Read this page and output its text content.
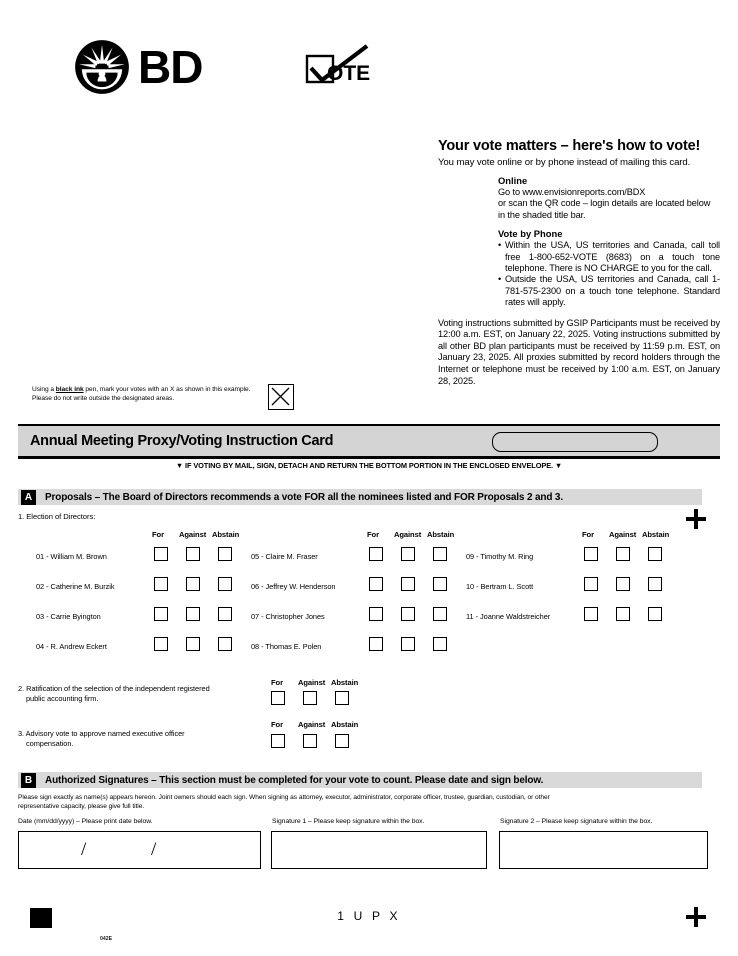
BD	OTE
Your vote matters – here's how to vote!
You may vote online or by phone instead of mailing this card.
Online
Go to www.envisionreports.com/BDX
or scan the QR code – login details are located below
in the shaded title bar.
Vote by Phone
• Within the USA, US territories and Canada, call toll free 1-800-652-VOTE (8683) on a touch tone telephone. There is NO CHARGE to you for the call.
• Outside the USA, US territories and Canada, call 1-781-575-2300 on a touch tone telephone. Standard rates will apply.
Voting instructions submitted by GSIP Participants must be received by 12:00 a.m. EST, on January 22, 2025. Voting instructions submitted by all other BD plan participants must be received by 11:59 p.m. EST, on January 23, 2025. All proxies submitted by record holders through the Internet or telephone must be received by 1:00 a.m. EST, on January 28, 2025.
Using a black ink pen, mark your votes with an X as shown in this example.
Please do not write outside the designated areas.
Annual Meeting Proxy/Voting Instruction Card
▼ IF VOTING BY MAIL, SIGN, DETACH AND RETURN THE BOTTOM PORTION IN THE ENCLOSED ENVELOPE. ▼
A	Proposals – The Board of Directors recommends a vote FOR all the nominees listed and FOR Proposals 2 and 3.
1. Election of Directors:
For Against Abstain
01 - William M. Brown
02 - Catherine M. Burzik
03 - Carrie Byington
04 - R. Andrew Eckert
For Against Abstain
05 - Claire M. Fraser
06 - Jeffrey W. Henderson
07 - Christopher Jones
08 - Thomas E. Polen
For Against Abstain
09 - Timothy M. Ring
10 - Bertram L. Scott
11 - Joanne Waldstreicher
2. Ratification of the selection of the independent registered
public accounting firm.
For Against Abstain
3. Advisory vote to approve named executive officer
compensation.
For Against Abstain
B	Authorized Signatures – This section must be completed for your vote to count. Please date and sign below.
Please sign exactly as name(s) appears hereon. Joint owners should each sign. When signing as attorney, executor, administrator, corporate officer, trustee, guardian, custodian, or other
representative capacity, please give full title.
Date (mm/dd/yyyy) – Please print date below.	Signature 1 – Please keep signature within the box.	Signature 2 – Please keep signature within the box.
/	/
1 U P X
042E
